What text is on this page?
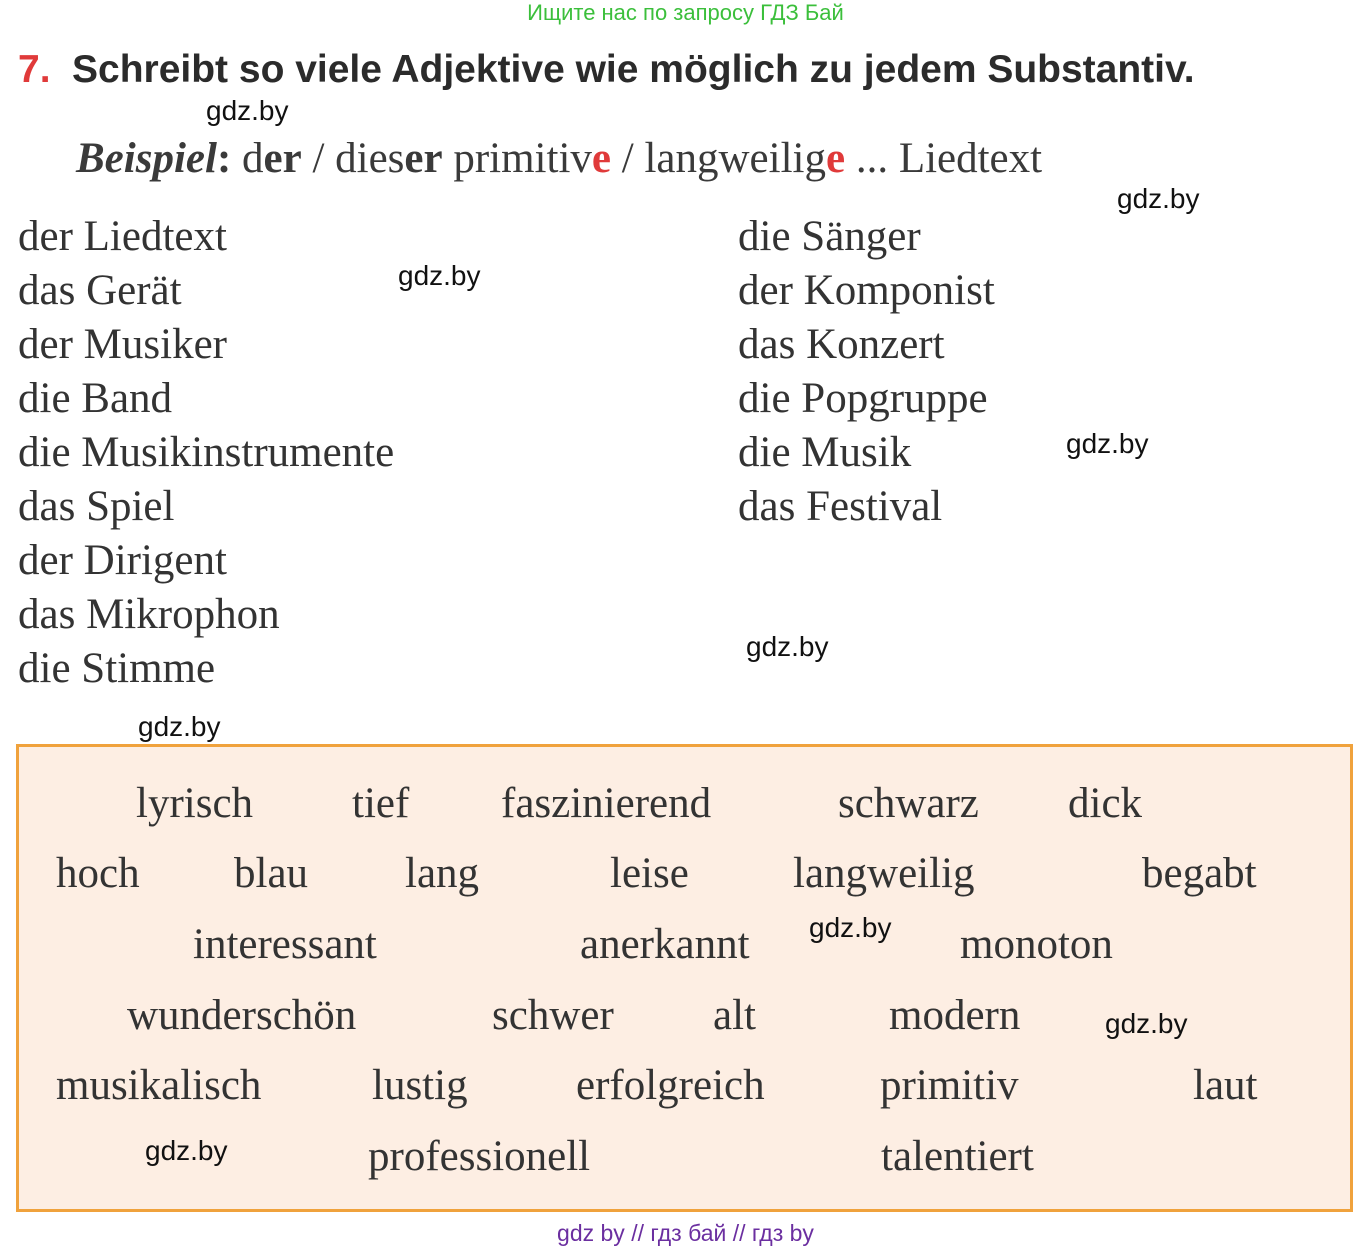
Ищите нас по запросу ГДЗ Бай
7. Schreibt so viele Adjektive wie möglich zu jedem Substantiv.
Beispiel: der / dieser primitive / langweilige ... Liedtext
der Liedtext
das Gerät
der Musiker
die Band
die Musikinstrumente
das Spiel
der Dirigent
das Mikrophon
die Stimme
die Sänger
der Komponist
das Konzert
die Popgruppe
die Musik
das Festival
gdz.by
gdz.by
gdz.by
gdz.by
gdz.by
gdz.by
lyrisch tief faszinierend	schwarz dick
hoch blau lang	leise langweilig	begabt
interessant	anerkannt	monoton
wunderschön	schwer alt	modern
musikalisch	lustig	erfolgreich	primitiv	laut
professionell	talentiert
gdz.by
gdz.by
gdz.by
gdz by // гдз бай // гдз by
